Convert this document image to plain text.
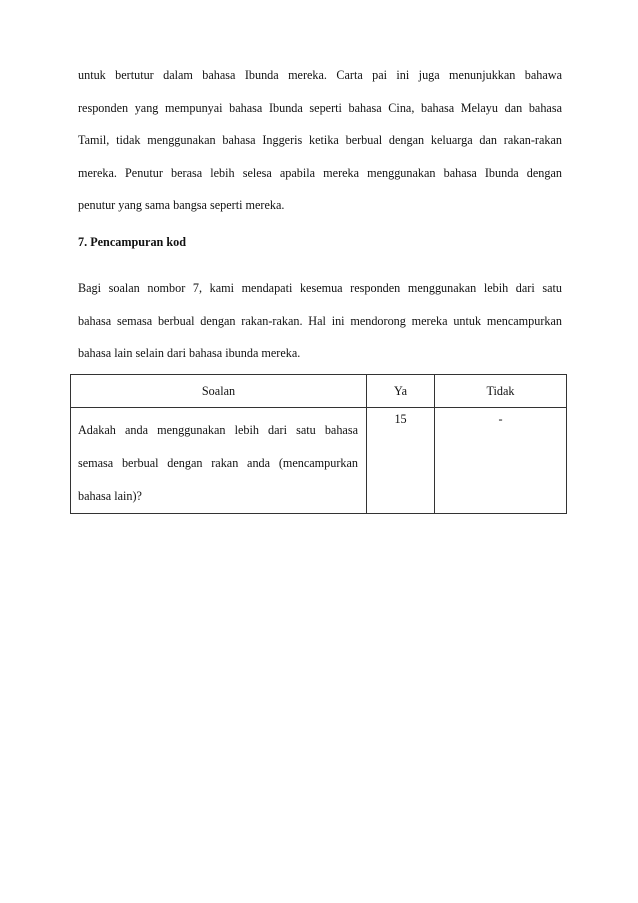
untuk bertutur dalam bahasa Ibunda mereka. Carta pai ini juga menunjukkan bahawa
responden yang mempunyai bahasa Ibunda seperti bahasa Cina, bahasa Melayu dan bahasa
Tamil, tidak menggunakan bahasa Inggeris ketika berbual dengan keluarga dan rakan-rakan
mereka. Penutur berasa lebih selesa apabila mereka menggunakan bahasa Ibunda dengan
penutur yang sama bangsa seperti mereka.

7. Pencampuran kod

Bagi soalan nombor 7, kami mendapati kesemua responden menggunakan lebih dari satu
bahasa semasa berbual dengan rakan-rakan. Hal ini mendorong mereka untuk mencampurkan
bahasa lain selain dari bahasa ibunda mereka.

Soalan	Ya	Tidak

Adakah anda menggunakan lebih dari satu bahasa
semasa berbual dengan rakan anda (mencampurkan
bahasa lain)?	15	-
